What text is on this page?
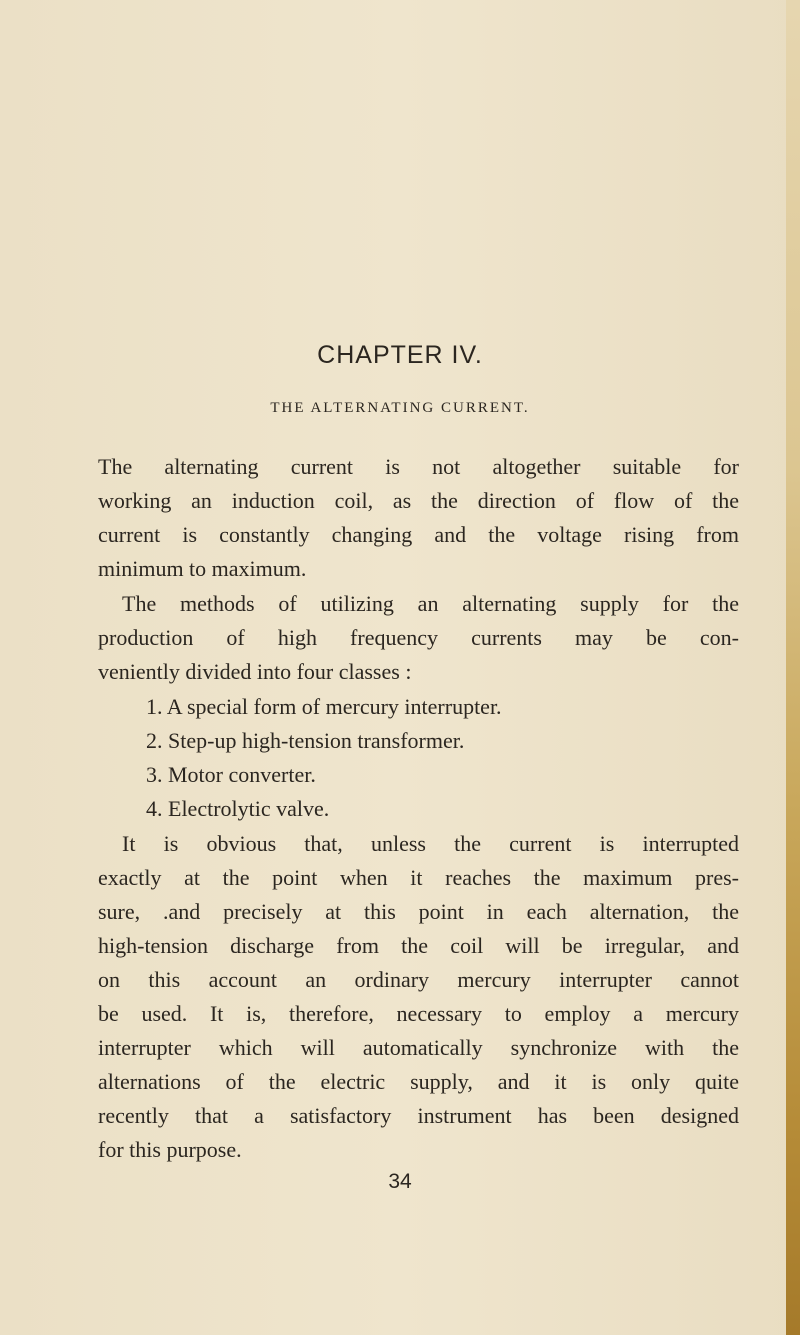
CHAPTER IV.
THE ALTERNATING CURRENT.
The alternating current is not altogether suitable for
working an induction coil, as the direction of flow of the
current is constantly changing and the voltage rising from
minimum to maximum.
The methods of utilizing an alternating supply for the
production of high frequency currents may be con-
veniently divided into four classes :
1. A special form of mercury interrupter.
2. Step-up high-tension transformer.
3. Motor converter.
4. Electrolytic valve.
It is obvious that, unless the current is interrupted
exactly at the point when it reaches the maximum pres-
sure, .and precisely at this point in each alternation, the
high-tension discharge from the coil will be irregular, and
on this account an ordinary mercury interrupter cannot
be used. It is, therefore, necessary to employ a mercury
interrupter which will automatically synchronize with the
alternations of the electric supply, and it is only quite
recently that a satisfactory instrument has been designed
for this purpose.
34
